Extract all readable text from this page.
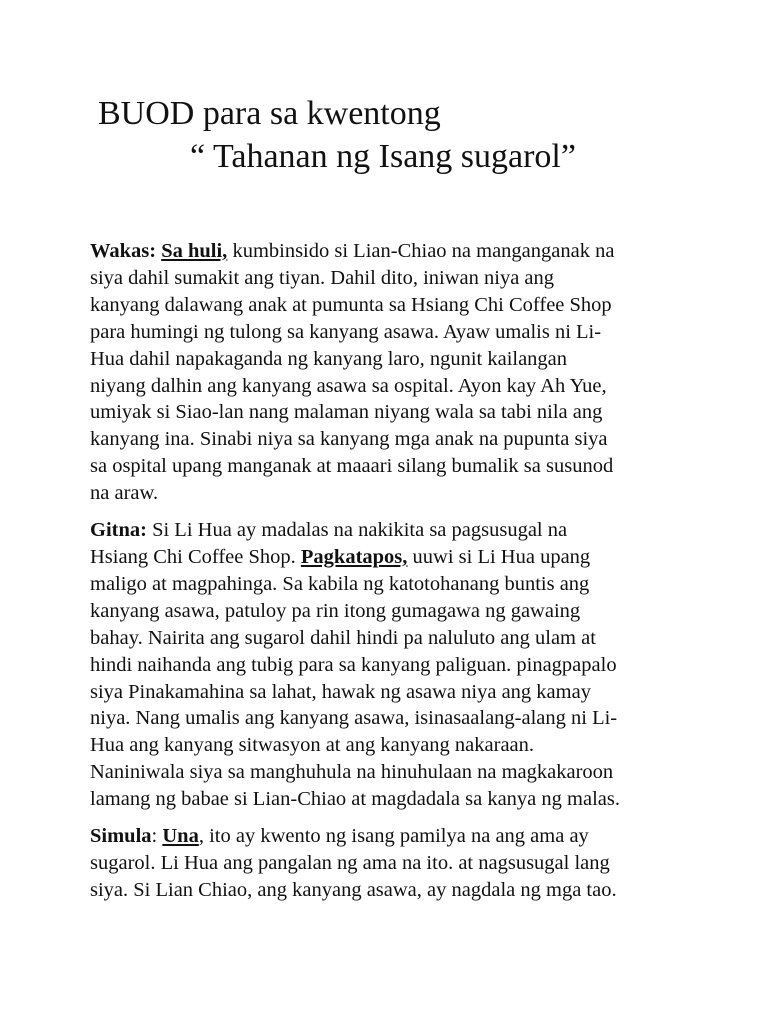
BUOD para sa kwentong
“ Tahanan ng Isang sugarol”
Wakas: Sa huli, kumbinsido si Lian-Chiao na manganganak na
siya dahil sumakit ang tiyan. Dahil dito, iniwan niya ang
kanyang dalawang anak at pumunta sa Hsiang Chi Coffee Shop
para humingi ng tulong sa kanyang asawa. Ayaw umalis ni Li-
Hua dahil napakaganda ng kanyang laro, ngunit kailangan
niyang dalhin ang kanyang asawa sa ospital. Ayon kay Ah Yue,
umiyak si Siao-lan nang malaman niyang wala sa tabi nila ang
kanyang ina. Sinabi niya sa kanyang mga anak na pupunta siya
sa ospital upang manganak at maaari silang bumalik sa susunod
na araw.
Gitna: Si Li Hua ay madalas na nakikita sa pagsusugal na
Hsiang Chi Coffee Shop. Pagkatapos, uuwi si Li Hua upang
maligo at magpahinga. Sa kabila ng katotohanang buntis ang
kanyang asawa, patuloy pa rin itong gumagawa ng gawaing
bahay. Nairita ang sugarol dahil hindi pa naluluto ang ulam at
hindi naihanda ang tubig para sa kanyang paliguan. pinagpapalo
siya Pinakamahina sa lahat, hawak ng asawa niya ang kamay
niya. Nang umalis ang kanyang asawa, isinasaalang-alang ni Li-
Hua ang kanyang sitwasyon at ang kanyang nakaraan.
Naniniwala siya sa manghuhula na hinuhulaan na magkakaroon
lamang ng babae si Lian-Chiao at magdadala sa kanya ng malas.
Simula: Una, ito ay kwento ng isang pamilya na ang ama ay
sugarol. Li Hua ang pangalan ng ama na ito. at nagsusugal lang
siya. Si Lian Chiao, ang kanyang asawa, ay nagdala ng mga tao.
